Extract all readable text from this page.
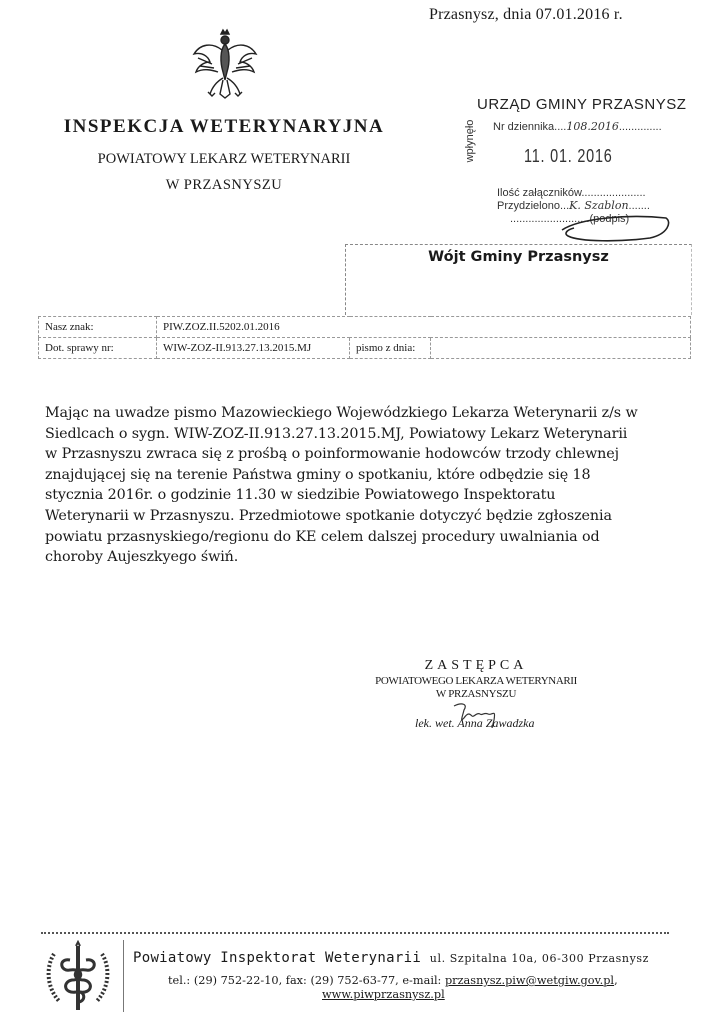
Przasnysz, dnia 07.01.2016 r.
INSPEKCJA WETERYNARYJNA
POWIATOWY LEKARZ WETERYNARII
W PRZASNYSZU
URZĄD GMINY PRZASNYSZ
wpłynęło Nr dziennika....108.2016..............
11. 01. 2016
Ilość załączników.....................
Przydzielono...K. Szablon.......
..........................(podpis)
Wójt Gminy Przasnysz
Nasz znak:	PIW.ZOZ.II.5202.01.2016		
Dot. sprawy nr:	WIW-ZOZ-II.913.27.13.2015.MJ	pismo z dnia:	

Mając na uwadze pismo Mazowieckiego Wojewódzkiego Lekarza Weterynarii z/s w

Siedlcach o sygn. WIW-ZOZ-II.913.27.13.2015.MJ, Powiatowy Lekarz Weterynarii

w Przasnyszu zwraca się z prośbą o poinformowanie hodowców trzody chlewnej

znajdującej się na terenie Państwa gminy o spotkaniu, które odbędzie się 18

stycznia 2016r. o godzinie 11.30 w siedzibie Powiatowego Inspektoratu

Weterynarii w Przasnyszu. Przedmiotowe spotkanie dotyczyć będzie zgłoszenia

powiatu przasnyskiego/regionu do KE celem dalszej procedury uwalniania od

choroby Aujeszkyego świń.

ZASTĘPCA
POWIATOWEGO LEKARZA WETERYNARII
W PRZASNYSZU
lek. wet. Anna Zawadzka
Powiatowy Inspektorat Weterynarii ul. Szpitalna 10a, 06-300 Przasnysz
tel.: (29) 752-22-10, fax: (29) 752-63-77, e-mail: przasnysz.piw@wetgiw.gov.pl,
www.piwprzasnysz.pl
